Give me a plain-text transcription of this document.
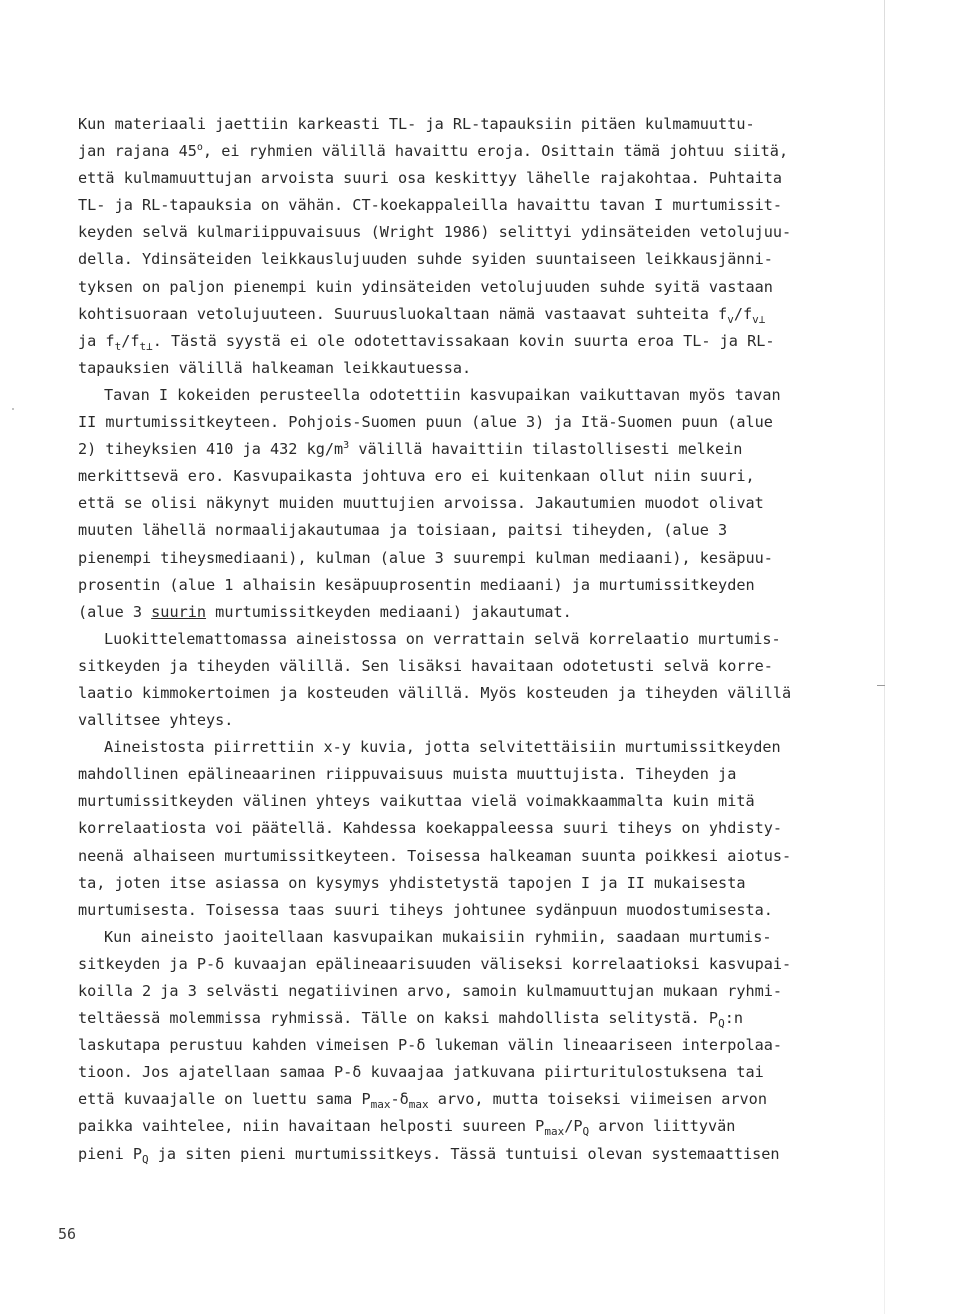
Kun materiaali jaettiin karkeasti TL- ja RL-tapauksiin pitäen kulmamuuttu-
jan rajana 45$^o$, ei ryhmien välillä havaittu eroja. Osittain tämä johtuu siitä,
että kulmamuuttujan arvoista suuri osa keskittyy lähelle rajakohtaa. Puhtaita
TL- ja RL-tapauksia on vähän. CT-koekappaleilla havaittu tavan I murtumissit-
keyden selvä kulmariippuvaisuus (Wright 1986) selittyi ydinsäteiden vetolujuu-
della. Ydinsäteiden leikkauslujuuden suhde syiden suuntaiseen leikkausjänni-
tyksen on paljon pienempi kuin ydinsäteiden vetolujuuden suhde syitä vastaan
kohtisuoraan vetolujuuteen. Suuruusluokaltaan nämä vastaavat suhteita $f_v/f_{v\perp}$
ja $f_t/f_{t\perp}$. Tästä syystä ei ole odotettavissakaan kovin suurta eroa TL- ja RL-
tapauksien välillä halkeaman leikkautuessa.
Tavan I kokeiden perusteella odotettiin kasvupaikan vaikuttavan myös tavan
II murtumissitkeyteen. Pohjois-Suomen puun (alue 3) ja Itä-Suomen puun (alue
2) tiheyksien 410 ja 432 $kg/m^3$ välillä havaittiin tilastollisesti melkein
merkittsevä ero. Kasvupaikasta johtuva ero ei kuitenkaan ollut niin suuri,
että se olisi näkynyt muiden muuttujien arvoissa. Jakautumien muodot olivat
muuten lähellä normaalijakautumaa ja toisiaan, paitsi tiheyden, (alue 3
pienempi tiheysmediaani), kulman (alue 3 suurempi kulman mediaani), kesäpuu-
prosentin (alue 1 alhaisin kesäpuuprosentin mediaani) ja murtumissitkeyden
(alue 3 suurin murtumissitkeyden mediaani) jakautumat.
Luokittelemattomassa aineistossa on verrattain selvä korrelaatio murtumis-
sitkeyden ja tiheyden välillä. Sen lisäksi havaitaan odotetusti selvä korre-
laatio kimmokertoimen ja kosteuden välillä. Myös kosteuden ja tiheyden välillä
vallitsee yhteys.
Aineistosta piirrettiin x-y kuvia, jotta selvitettäisiin murtumissitkeyden
mahdollinen epälineaarinen riippuvaisuus muista muuttujista. Tiheyden ja
murtumissitkeyden välinen yhteys vaikuttaa vielä voimakkaammalta kuin mitä
korrelaatiosta voi päätellä. Kahdessa koekappaleessa suuri tiheys on yhdisty-
neenä alhaiseen murtumissitkeyteen. Toisessa halkeaman suunta poikkesi aiotus-
ta, joten itse asiassa on kysymys yhdistetystä tapojen I ja II mukaisesta
murtumisesta. Toisessa taas suuri tiheys johtunee sydänpuun muodostumisesta.
Kun aineisto jaoitellaan kasvupaikan mukaisiin ryhmiin, saadaan murtumis-
sitkeyden ja P-δ kuvaajan epälineaarisuuden väliseksi korrelaatioksi kasvupai-
koilla 2 ja 3 selvästi negatiivinen arvo, samoin kulmamuuttujan mukaan ryhmi-
teltäessä molemmissa ryhmissä. Tälle on kaksi mahdollista selitystä. $P_Q:n$
laskutapa perustuu kahden vimeisen P-δ lukeman välin lineaariseen interpolaa-
tioon. Jos ajatellaan samaa P-δ kuvaajaa jatkuvana piirturitulostuksena tai
että kuvaajalle on luettu sama $P_{max}-\delta_{max}$ arvo, mutta toiseksi viimeisen arvon
paikka vaihtelee, niin havaitaan helposti suureen $P_{max}/P_Q$ arvon liittyvän
pieni $P_Q$ ja siten pieni murtumissitkeys. Tässä tuntuisi olevan systemaattisen
56
